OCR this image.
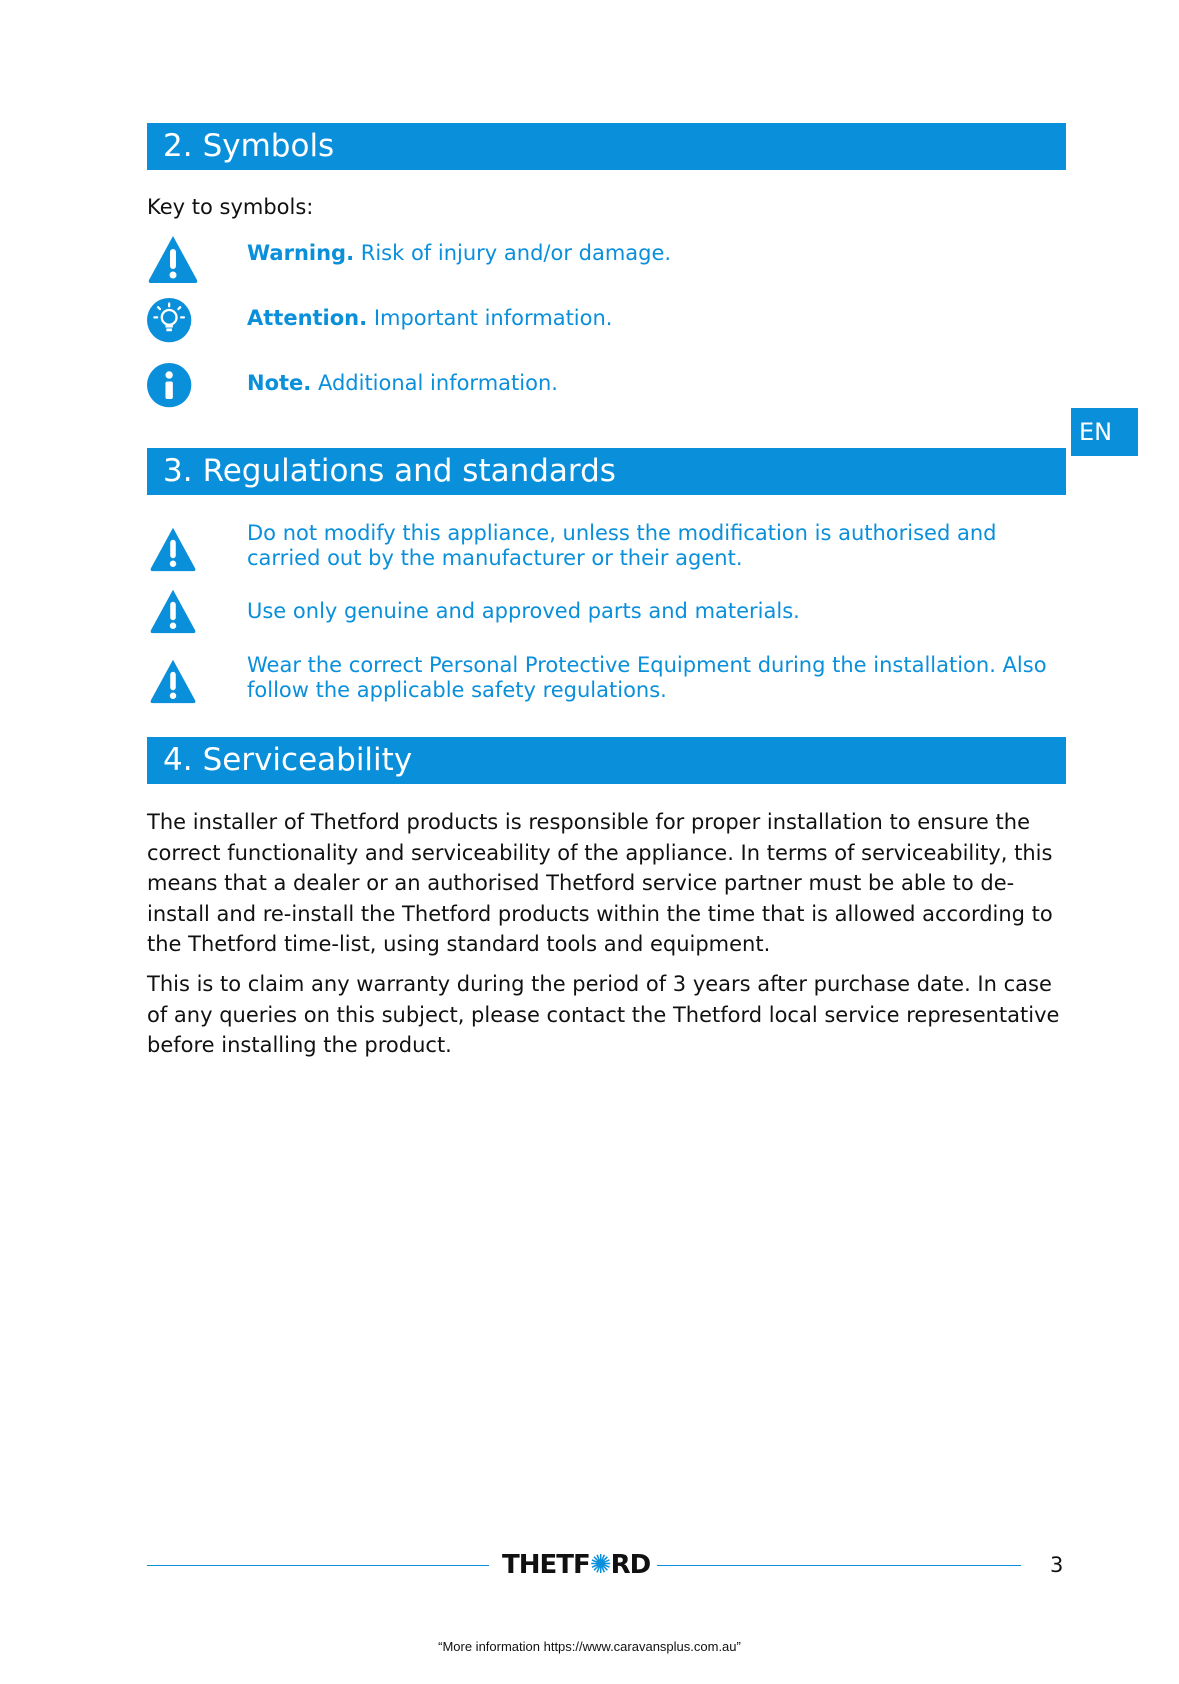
2. Symbols
Key to symbols:
Warning. Risk of injury and/or damage.
Attention. Important information.
Note. Additional information.
EN
3. Regulations and standards
Do not modify this appliance, unless the modification is authorised and carried out by the manufacturer or their agent.
Use only genuine and approved parts and materials.
Wear the correct Personal Protective Equipment during the installation. Also follow the applicable safety regulations.
4. Serviceability
The installer of Thetford products is responsible for proper installation to ensure the correct functionality and serviceability of the appliance. In terms of serviceability, this means that a dealer or an authorised Thetford service partner must be able to de-install and re-install the Thetford products within the time that is allowed according to the Thetford time-list, using standard tools and equipment.
This is to claim any warranty during the period of 3 years after purchase date. In case of any queries on this subject, please contact the Thetford local service representative before installing the product.
THETF✺RD	3
“More information https://www.caravansplus.com.au”
